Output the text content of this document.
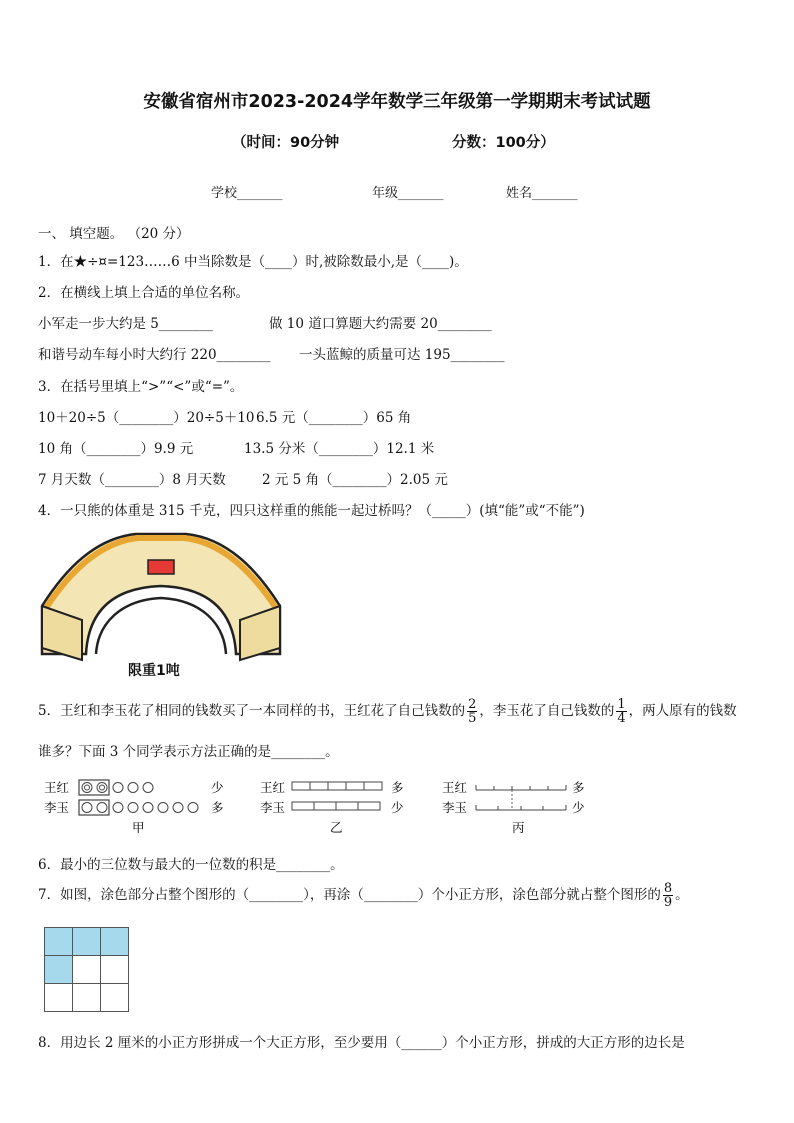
安徽省宿州市2023-2024学年数学三年级第一学期期末考试试题
（时间：90分钟	分数：100分）
学校_______	年级_______	姓名_______
一、 填空题。 （20 分）
1．在★÷¤=123……6 中当除数是（____）时,被除数最小,是（____)。
2．在横线上填上合适的单位名称。
小军走一步大约是 5________	做 10 道口算题大约需要 20________
和谐号动车每小时大约行 220________ 一头蓝鲸的质量可达 195________
3．在括号里填上“>”“<”或“=”。
10＋20÷5（________）20÷5＋10 6.5 元（________）65 角
10 角（________）9.9 元	13.5 分米（________）12.1 米
7 月天数（________）8 月天数	2 元 5 角（________）2.05 元
4．一只熊的体重是 315 千克，四只这样重的熊能一起过桥吗？（_____）(填“能”或“不能”)
限重1吨
5．王红和李玉花了相同的钱数买了一本同样的书，王红花了自己钱数的 $\frac{2}{5}$ ，李玉花了自己钱数的 $\frac{1}{4}$ ，两人原有的钱数
谁多？下面 3 个同学表示方法正确的是________。
王红
李玉
少
多
甲
王红
李玉
多
少
乙
王红
李玉
多
少
丙
6．最小的三位数与最大的一位数的积是________。
7．如图，涂色部分占整个图形的（________），再涂（________）个小正方形，涂色部分就占整个图形的 $\frac{8}{9}$ 。

8．用边长 2 厘米的小正方形拼成一个大正方形，至少要用（______）个小正方形，拼成的大正方形的边长是
